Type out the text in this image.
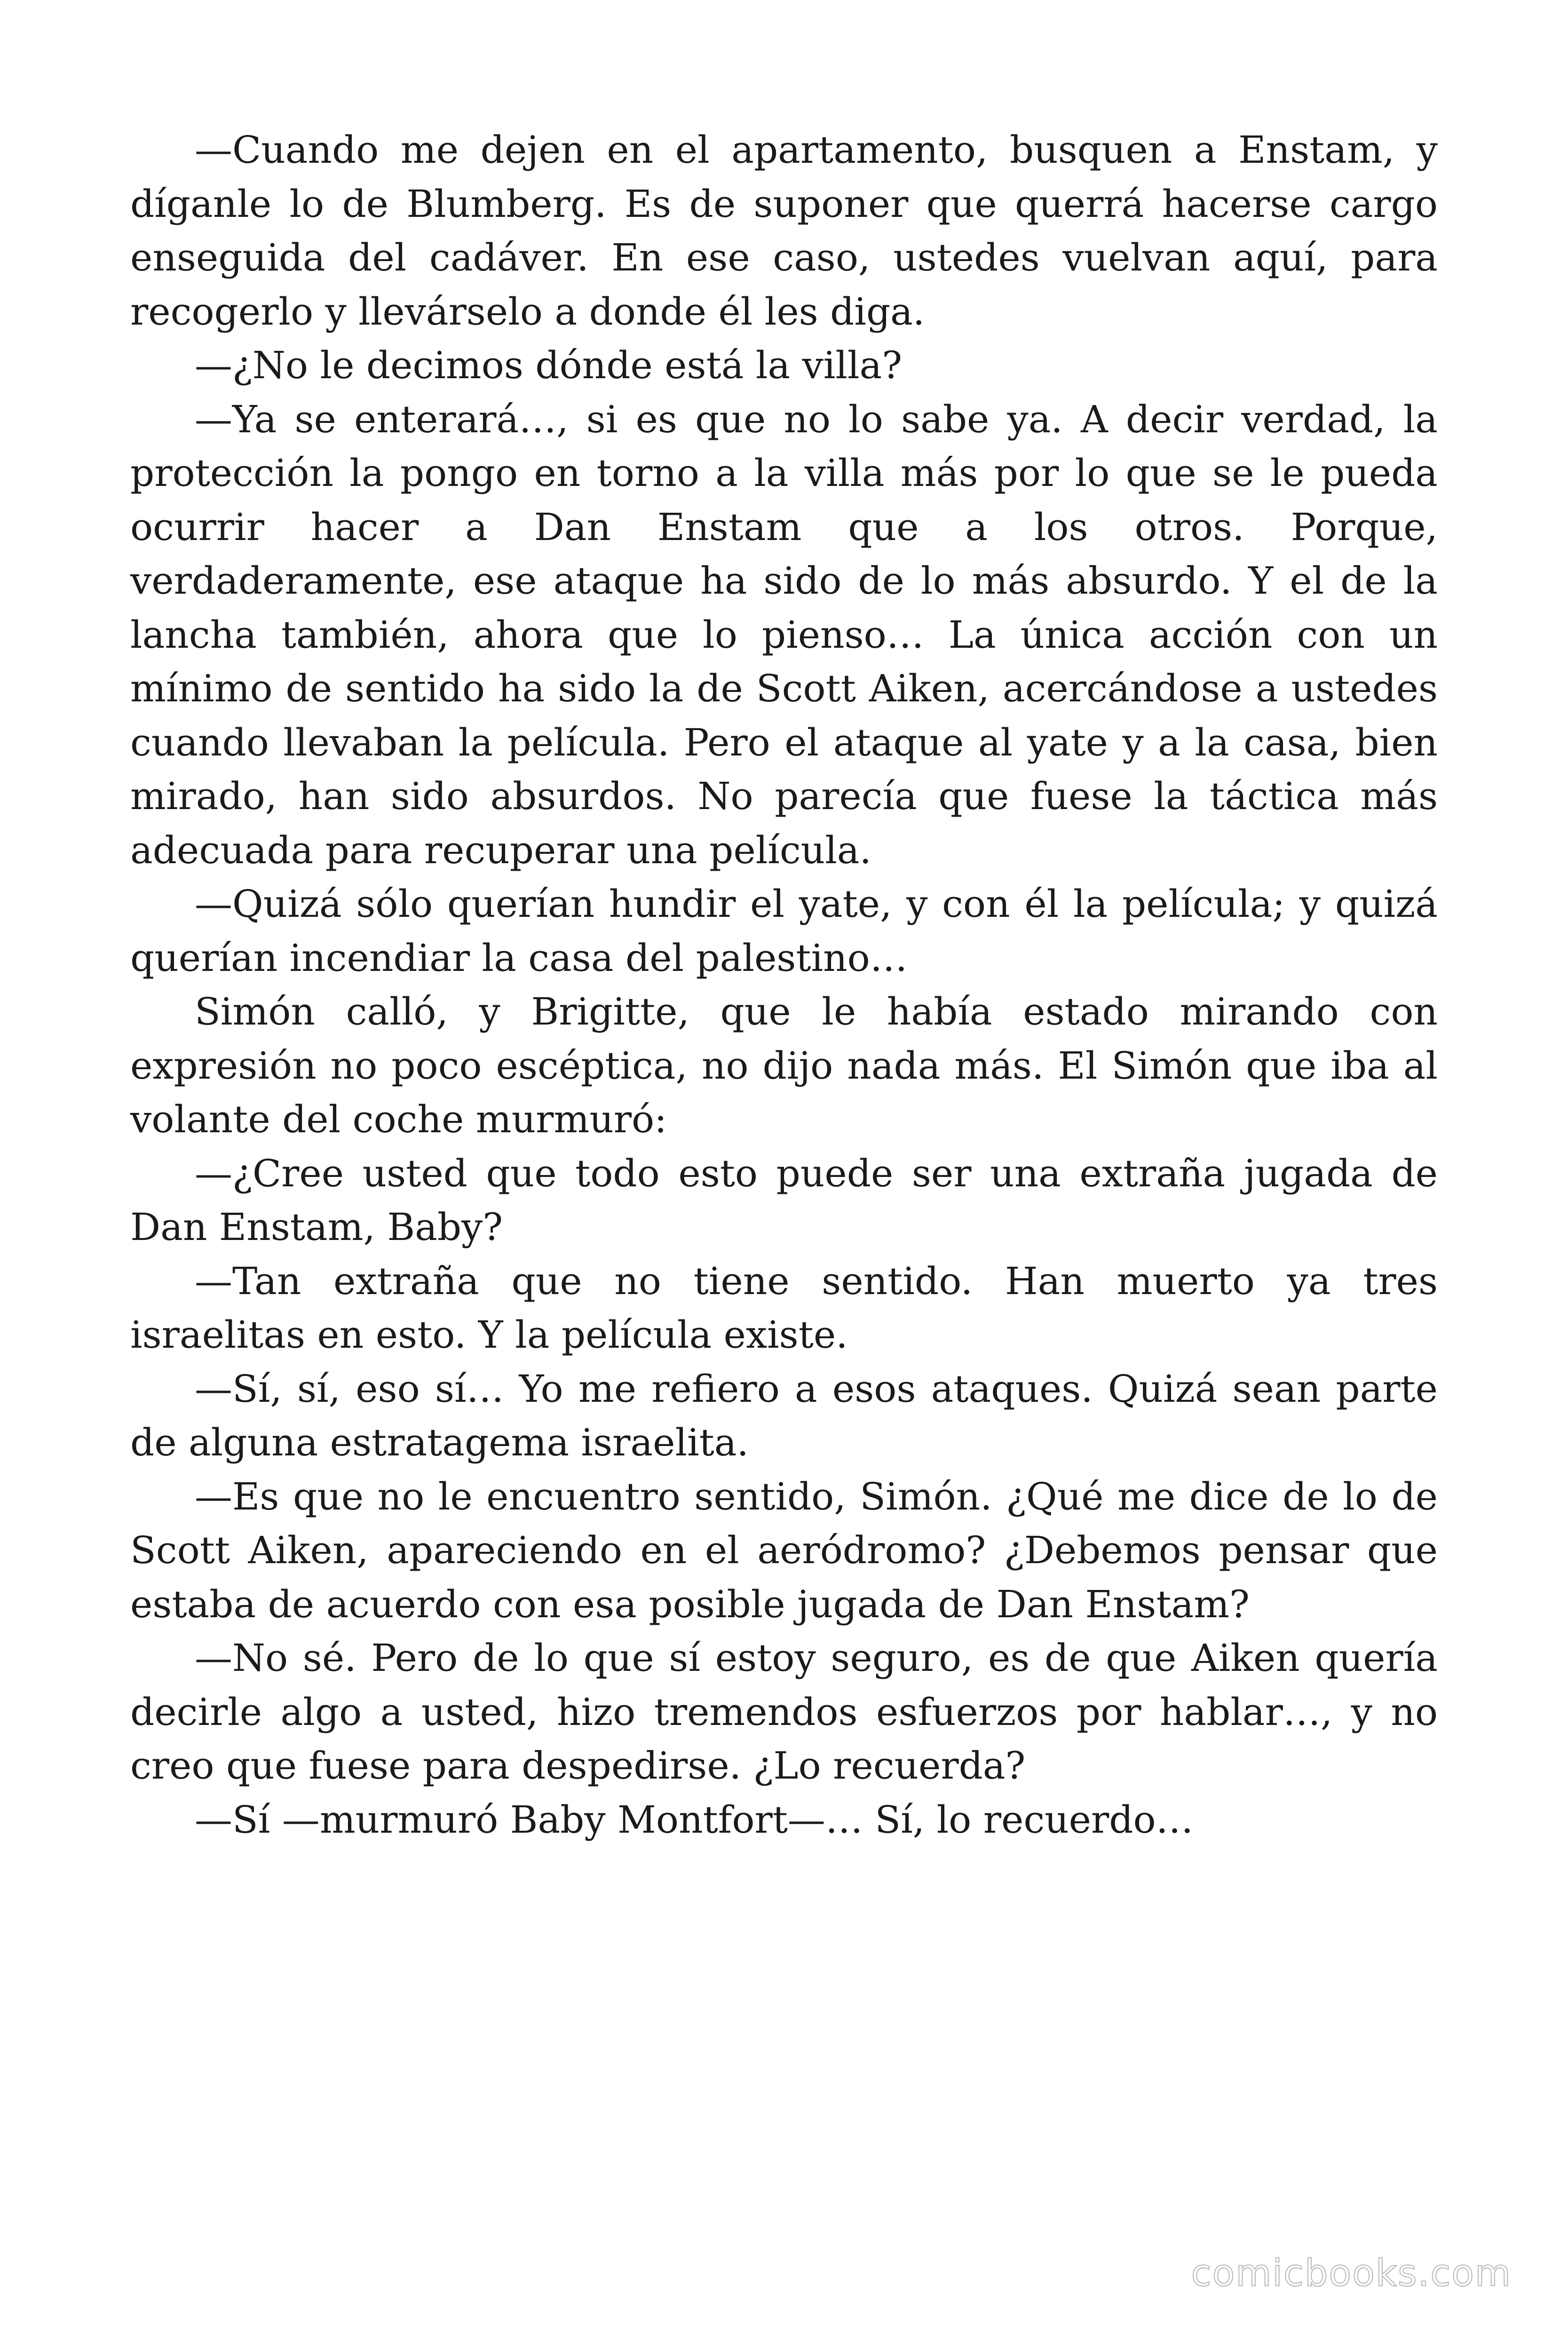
—Cuando me dejen en el apartamento, busquen a Enstam, y díganle lo de Blumberg. Es de suponer que querrá hacerse cargo enseguida del cadáver. En ese caso, ustedes vuelvan aquí, para recogerlo y llevárselo a donde él les diga.

—¿No le decimos dónde está la villa?

—Ya se enterará…, si es que no lo sabe ya. A decir verdad, la protección la pongo en torno a la villa más por lo que se le pueda ocurrir hacer a Dan Enstam que a los otros. Porque, verdaderamente, ese ataque ha sido de lo más absurdo. Y el de la lancha también, ahora que lo pienso… La única acción con un mínimo de sentido ha sido la de Scott Aiken, acercándose a ustedes cuando llevaban la película. Pero el ataque al yate y a la casa, bien mirado, han sido absurdos. No parecía que fuese la táctica más adecuada para recuperar una película.

—Quizá sólo querían hundir el yate, y con él la película; y quizá querían incendiar la casa del palestino…

Simón calló, y Brigitte, que le había estado mirando con expresión no poco escéptica, no dijo nada más. El Simón que iba al volante del coche murmuró:

—¿Cree usted que todo esto puede ser una extraña jugada de Dan Enstam, Baby?

—Tan extraña que no tiene sentido. Han muerto ya tres israelitas en esto. Y la película existe.

—Sí, sí, eso sí… Yo me refiero a esos ataques. Quizá sean parte de alguna estratagema israelita.

—Es que no le encuentro sentido, Simón. ¿Qué me dice de lo de Scott Aiken, apareciendo en el aeródromo? ¿Debemos pensar que estaba de acuerdo con esa posible jugada de Dan Enstam?

—No sé. Pero de lo que sí estoy seguro, es de que Aiken quería decirle algo a usted, hizo tremendos esfuerzos por hablar…, y no creo que fuese para despedirse. ¿Lo recuerda?

—Sí —murmuró Baby Montfort—… Sí, lo recuerdo…

comicbooks.com
